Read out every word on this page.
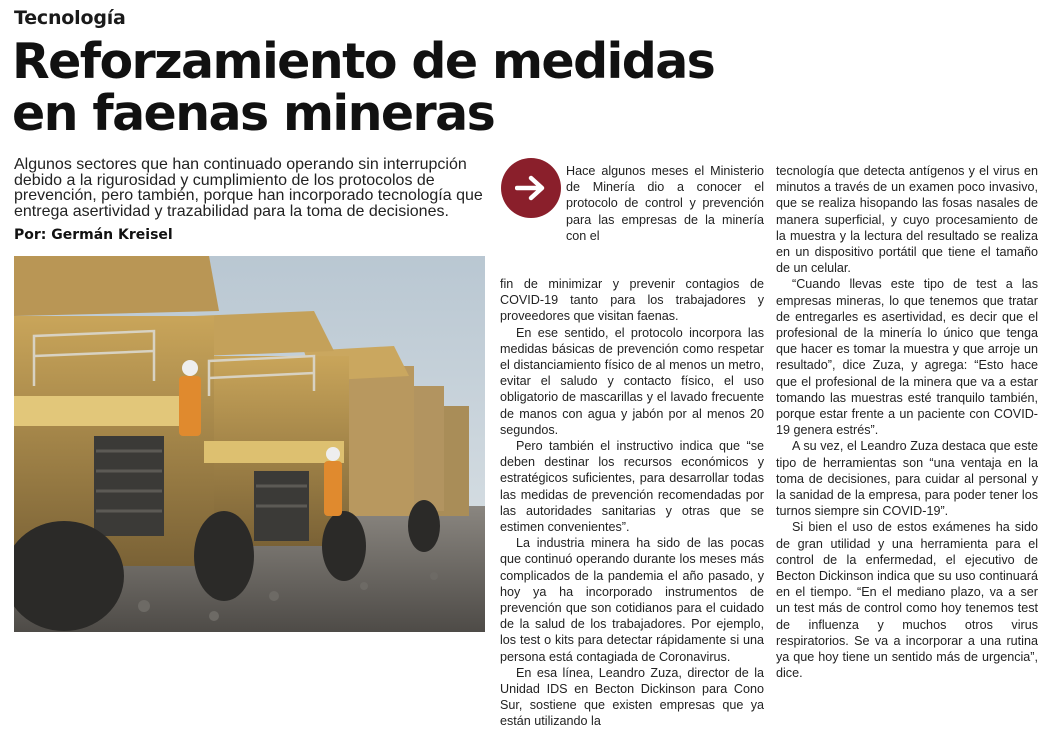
Tecnología
Reforzamiento de medidas
en faenas mineras
Algunos sectores que han continuado operando sin interrupción debido a la rigurosidad y cumplimiento de los protocolos de prevención, pero también, porque han incorporado tecnología que entrega asertividad y trazabilidad para la toma de decisiones.
Por: Germán Kreisel

Hace algunos meses el Ministerio de Minería dio a conocer el protocolo de control y prevención para las empresas de la minería con el

fin de minimizar y prevenir contagios de COVID-19 tanto para los trabajadores y proveedores que visitan faenas.

En ese sentido, el protocolo incorpora las medidas básicas de prevención como respetar el distanciamiento físico de al menos un metro, evitar el saludo y contacto físico, el uso obligatorio de mascarillas y el lavado frecuente de manos con agua y jabón por al menos 20 segundos.

Pero también el instructivo indica que “se deben destinar los recursos económicos y estratégicos suficientes, para desarrollar todas las medidas de prevención recomendadas por las autoridades sanitarias y otras que se estimen convenientes”.

La industria minera ha sido de las pocas que continuó operando durante los meses más complicados de la pandemia el año pasado, y hoy ya ha incorporado instrumentos de prevención que son cotidianos para el cuidado de la salud de los trabajadores. Por ejemplo, los test o kits para detectar rápidamente si una persona está contagiada de Coronavirus.

En esa línea, Leandro Zuza, director de la Unidad IDS en Becton Dickinson para Cono Sur, sostiene que existen empresas que ya están utilizando la

tecnología que detecta antígenos y el virus en minutos a través de un examen poco invasivo, que se realiza hisopando las fosas nasales de manera superficial, y cuyo procesamiento de la muestra y la lectura del resultado se realiza en un dispositivo portátil que tiene el tamaño de un celular.

“Cuando llevas este tipo de test a las empresas mineras, lo que tenemos que tratar de entregarles es asertividad, es decir que el profesional de la minería lo único que tenga que hacer es tomar la muestra y que arroje un resultado”, dice Zuza, y agrega: “Esto hace que el profesional de la minera que va a estar tomando las muestras esté tranquilo también, porque estar frente a un paciente con COVID-19 genera estrés”.

A su vez, el Leandro Zuza destaca que este tipo de herramientas son “una ventaja en la toma de decisiones, para cuidar al personal y la sanidad de la empresa, para poder tener los turnos siempre sin COVID-19”.

Si bien el uso de estos exámenes ha sido de gran utilidad y una herramienta para el control de la enfermedad, el ejecutivo de Becton Dickinson indica que su uso continuará en el tiempo. “En el mediano plazo, va a ser un test más de control como hoy tenemos test de influenza y muchos otros virus respiratorios. Se va a incorporar a una rutina ya que hoy tiene un sentido más de urgencia”, dice.
